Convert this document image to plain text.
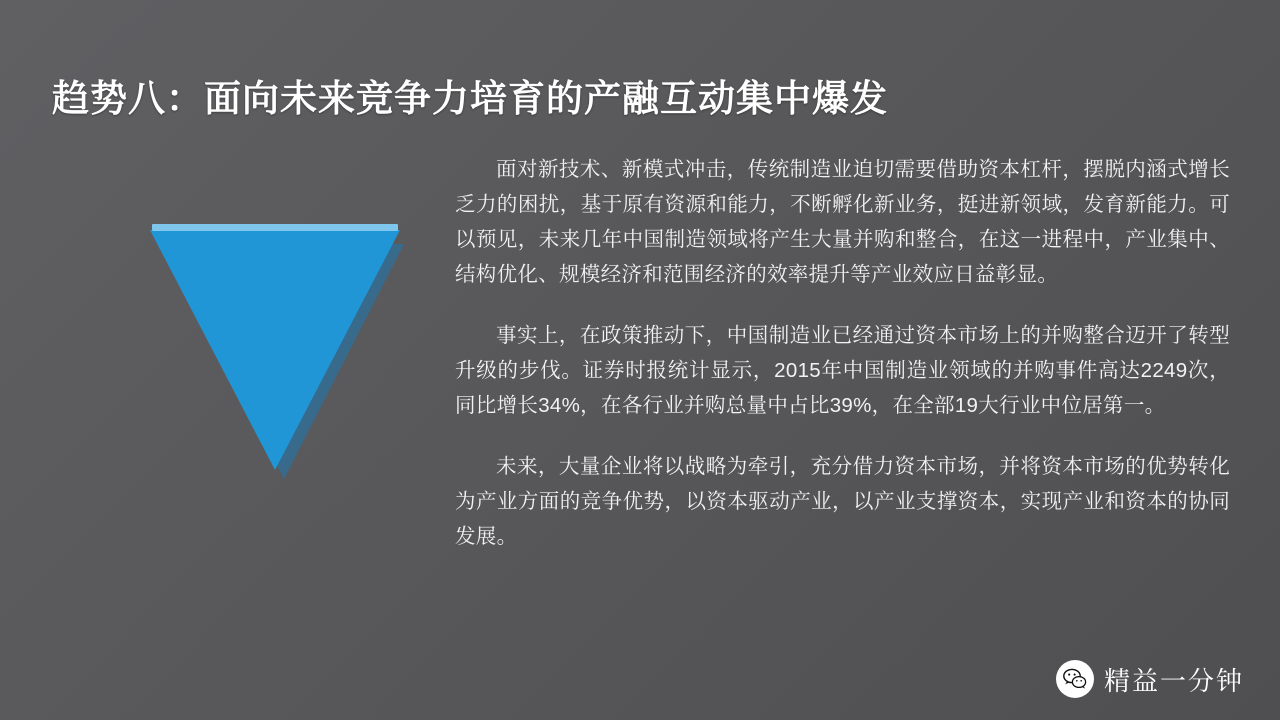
趋势八：面向未来竞争力培育的产融互动集中爆发

面对新技术、新模式冲击，传统制造业迫切需要借助资本杠杆，摆脱内涵式增长乏力的困扰，基于原有资源和能力，不断孵化新业务，挺进新领域，发育新能力。可以预见，未来几年中国制造领域将产生大量并购和整合，在这一进程中，产业集中、结构优化、规模经济和范围经济的效率提升等产业效应日益彰显。

事实上，在政策推动下，中国制造业已经通过资本市场上的并购整合迈开了转型升级的步伐。证券时报统计显示，2015年中国制造业领域的并购事件高达2249次，同比增长34%，在各行业并购总量中占比39%，在全部19大行业中位居第一。

未来，大量企业将以战略为牵引，充分借力资本市场，并将资本市场的优势转化为产业方面的竞争优势，以资本驱动产业，以产业支撑资本，实现产业和资本的协同发展。

精益一分钟
